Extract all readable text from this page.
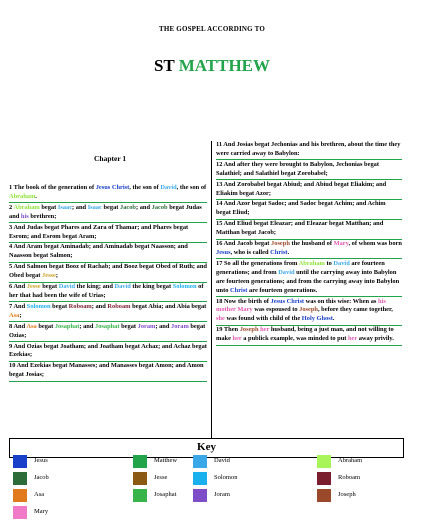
THE GOSPEL ACCORDING TO
ST MATTHEW
Chapter 1
1 The book of the generation of Jesus Christ, the son of David, the son of Abraham.
2 Abraham begat Isaac; and Isaac begat Jacob; and Jacob begat Judas and his brethren;
3 And Judas begat Phares and Zara of Thamar; and Phares begat Esrom; and Esrom begat Aram;
4 And Aram begat Aminadab; and Aminadab begat Naasson; and Naasson begat Salmon;
5 And Salmon begat Booz of Rachab; and Booz begat Obed of Ruth; and Obed begat Jesse;
6 And Jesse begat David the king; and David the king begat Solomon of her that had been the wife of Urias;
7 And Solomon begat Roboam; and Roboam begat Abia; and Abia begat Asa;
8 And Asa begat Josaphat; and Josaphat begat Joram; and Joram begat Ozias;
9 And Ozias begat Joatham; and Joatham begat Achaz; and Achaz begat Ezekias;
10 And Ezekias begat Manasses; and Manasses begat Amon; and Amon begat Josias;
11 And Josias begat Jechonias and his brethren, about the time they were carried away to Babylon:
12 And after they were brought to Babylon, Jechonias begat Salathiel; and Salathiel begat Zorobabel;
13 And Zorobabel begat Abiud; and Abiud begat Eliakim; and Eliakim begat Azor;
14 And Azor begat Sadoc; and Sadoc begat Achim; and Achim begat Eliud;
15 And Eliud begat Eleazar; and Eleazar begat Matthan; and Matthan begat Jacob;
16 And Jacob begat Joseph the husband of Mary, of whom was born Jesus, who is called Christ.
17 So all the generations from Abraham to David are fourteen generations; and from David until the carrying away into Babylon are fourteen generations; and from the carrying away into Babylon unto Christ are fourteen generations.
18 Now the birth of Jesus Christ was on this wise: When as his mother Mary was espoused to Joseph, before they came together, she was found with child of the Holy Ghost.
19 Then Joseph her husband, being a just man, and not willing to make her a publick example, was minded to put her away privily.
Key
Jesus	Matthew	David	Abraham
Jacob	Jesse	Solomon	Roboam
Asa	Josaphat	Joram	Joseph
Mary
